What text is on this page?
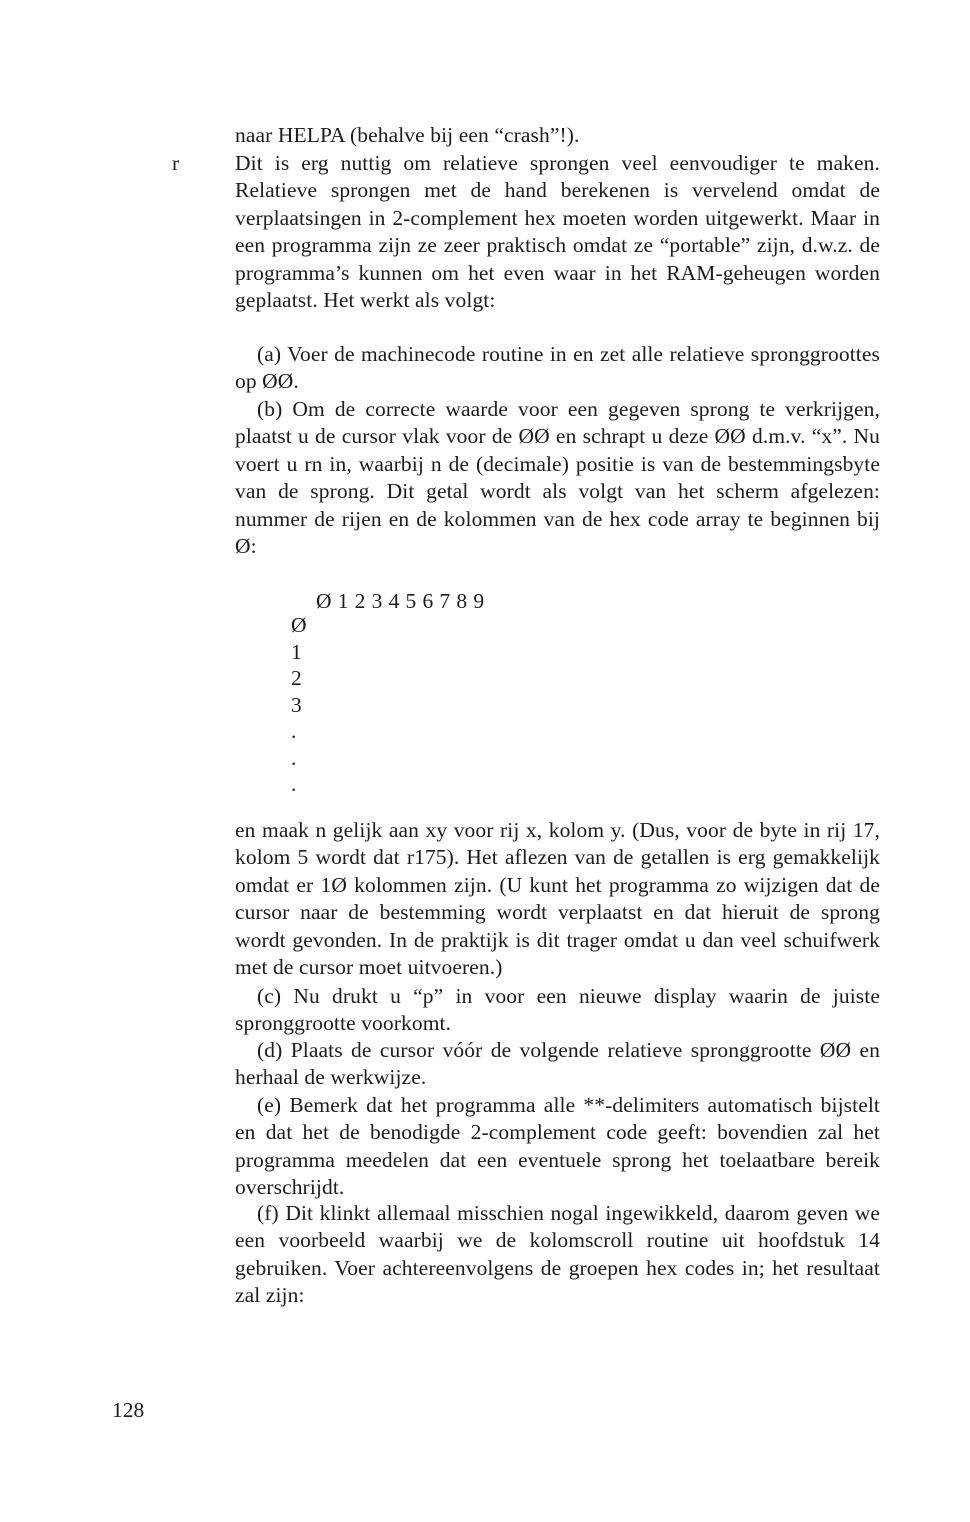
r

naar HELPA (behalve bij een “crash”!).

Dit is erg nuttig om relatieve sprongen veel eenvoudiger te maken. Relatieve sprongen met de hand berekenen is vervelend omdat de verplaatsingen in 2-complement hex moeten worden uitgewerkt. Maar in een programma zijn ze zeer praktisch omdat ze “portable” zijn, d.w.z. de programma’s kunnen om het even waar in het RAM-geheugen worden geplaatst. Het werkt als volgt:

(a) Voer de machinecode routine in en zet alle relatieve spronggroottes op ØØ.

(b) Om de correcte waarde voor een gegeven sprong te verkrijgen, plaatst u de cursor vlak voor de ØØ en schrapt u deze ØØ d.m.v. “x”. Nu voert u rn in, waarbij n de (decimale) positie is van de bestemmingsbyte van de sprong. Dit getal wordt als volgt van het scherm afgelezen: nummer de rijen en de kolommen van de hex code array te beginnen bij Ø:

Ø123456789

Ø
1
2
3
.
.
.

en maak n gelijk aan xy voor rij x, kolom y. (Dus, voor de byte in rij 17, kolom 5 wordt dat r175). Het aflezen van de getallen is erg gemakkelijk omdat er 1Ø kolommen zijn. (U kunt het programma zo wijzigen dat de cursor naar de bestemming wordt verplaatst en dat hieruit de sprong wordt gevonden. In de praktijk is dit trager omdat u dan veel schuifwerk met de cursor moet uitvoeren.)

(c) Nu drukt u “p” in voor een nieuwe display waarin de juiste spronggrootte voorkomt.

(d) Plaats de cursor vóór de volgende relatieve spronggrootte ØØ en herhaal de werkwijze.

(e) Bemerk dat het programma alle **-delimiters automatisch bijstelt en dat het de benodigde 2-complement code geeft: bovendien zal het programma meedelen dat een eventuele sprong het toelaatbare bereik overschrijdt.

(f) Dit klinkt allemaal misschien nogal ingewikkeld, daarom geven we een voorbeeld waarbij we de kolomscroll routine uit hoofdstuk 14 gebruiken. Voer achtereenvolgens de groepen hex codes in; het resultaat zal zijn:

128
